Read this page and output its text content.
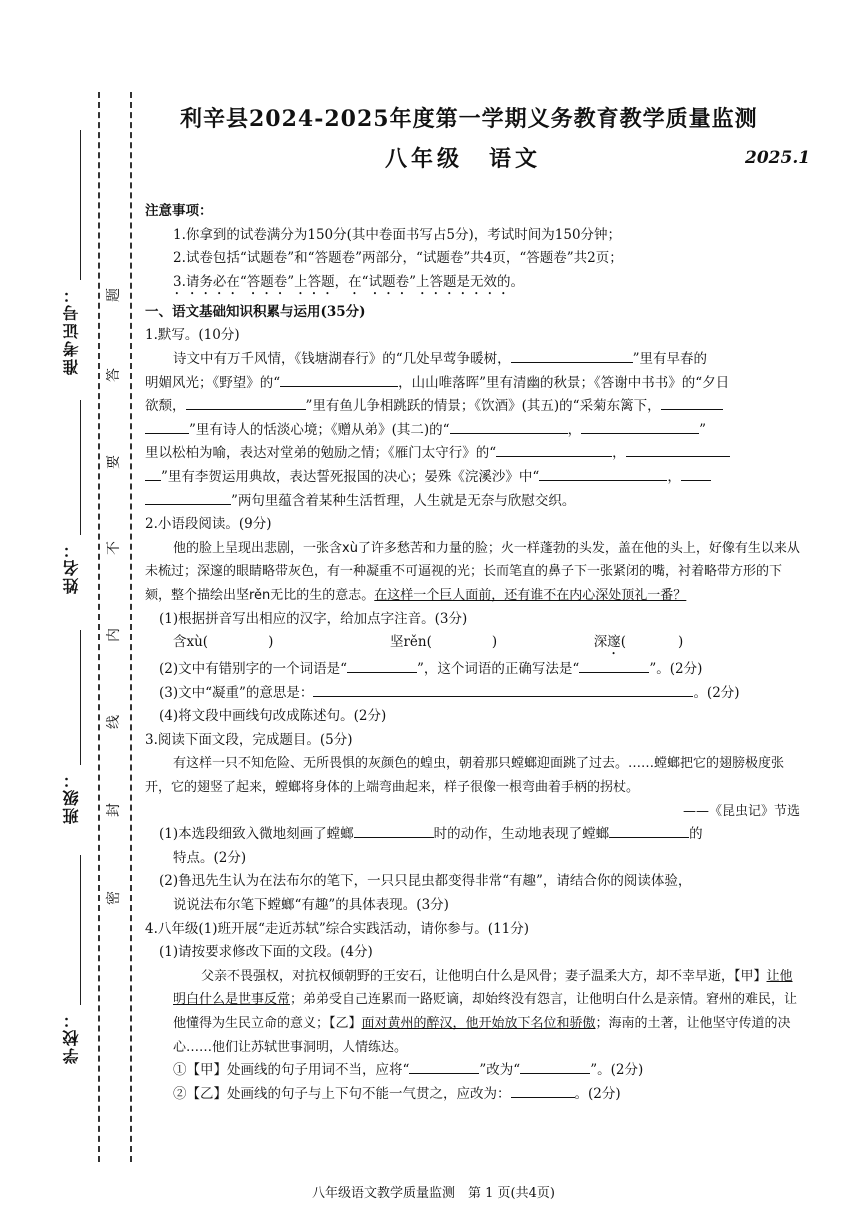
准考证号：
姓名：
班级：
学校：
题
答
要
不
内
线
封
密
利辛县2024-2025年度第一学期义务教育教学质量监测
八年级　语文	2025.1

注意事项：

1.你拿到的试卷满分为150分(其中卷面书写占5分)，考试时间为150分钟；

2.试卷包括“试题卷”和“答题卷”两部分，“试题卷”共4页，“答题卷”共2页；

3.请务必在“答题卷”上答题，在“试题卷”上答题是无效的。

一、语文基础知识积累与运用(35分)

1.默写。(10分)

诗文中有万千风情，《钱塘湖春行》的“几处早莺争暖树，	”里有早春的

明媚风光；《野望》的“	，山山唯落晖”里有清幽的秋景；《答谢中书书》的“夕日

欲颓，	”里有鱼儿争相跳跃的情景；《饮酒》(其五)的“采菊东篱下，

”里有诗人的恬淡心境；《赠从弟》(其二)的“	，	”

里以松柏为喻，表达对堂弟的勉励之情；《雁门太守行》的“	，

”里有李贺运用典故，表达誓死报国的决心；晏殊《浣溪沙》中“	，

”两句里蕴含着某种生活哲理，人生就是无奈与欣慰交织。

2.小语段阅读。(9分)

他的脸上呈现出悲剧，一张含xù了许多愁苦和力量的脸；火一样蓬勃的头发，盖在他的头上，好像有生以来从未梳过；深邃的眼睛略带灰色，有一种凝重不可逼视的光；长而笔直的鼻子下一张紧闭的嘴，衬着略带方形的下颏，整个描绘出坚rěn无比的生的意志。在这样一个巨人面前，还有谁不在内心深处顶礼一番？

(1)根据拼音写出相应的汉字，给加点字注音。(3分)

含xù(	)	坚rěn(	)	深邃(	)

(2)文中有错别字的一个词语是“	”，这个词语的正确写法是“	”。(2分)

(3)文中“凝重”的意思是：	。(2分)

(4)将文段中画线句改成陈述句。(2分)

3.阅读下面文段，完成题目。(5分)

有这样一只不知危险、无所畏惧的灰颜色的蝗虫，朝着那只螳螂迎面跳了过去。……螳螂把它的翅膀极度张开，它的翅竖了起来，螳螂将身体的上端弯曲起来，样子很像一根弯曲着手柄的拐杖。

——《昆虫记》节选

(1)本选段细致入微地刻画了螳螂	时的动作，生动地表现了螳螂	的

特点。(2分)

(2)鲁迅先生认为在法布尔的笔下，一只只昆虫都变得非常“有趣”，请结合你的阅读体验，

说说法布尔笔下螳螂“有趣”的具体表现。(3分)

4.八年级(1)班开展“走近苏轼”综合实践活动，请你参与。(11分)

(1)请按要求修改下面的文段。(4分)

父亲不畏强权，对抗权倾朝野的王安石，让他明白什么是风骨；妻子温柔大方，却不幸早逝，【甲】让他明白什么是世事反常；弟弟受自己连累而一路贬谪，却始终没有怨言，让他明白什么是亲情。窘州的难民，让他懂得为生民立命的意义；【乙】面对黄州的醉汉，他开始放下名位和骄傲；海南的土著，让他坚守传道的决心……他们让苏轼世事洞明，人情练达。

①【甲】处画线的句子用词不当，应将“	”改为“	”。(2分)

②【乙】处画线的句子与上下句不能一气贯之，应改为：	。(2分)

八年级语文教学质量监测　第 1 页(共4页)
